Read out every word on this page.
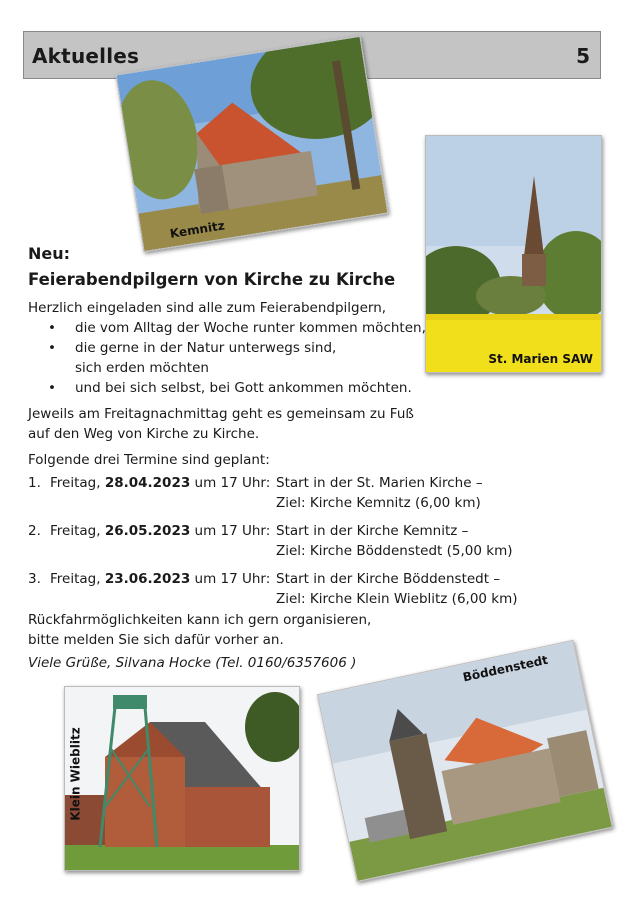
Aktuelles	5
Kemnitz
St. Marien SAW
Klein Wieblitz
Böddenstedt
Neu:
Feierabendpilgern von Kirche zu Kirche
Herzlich eingeladen sind alle zum Feierabendpilgern,
• die vom Alltag der Woche runter kommen möchten,
• die gerne in der Natur unterwegs sind,
sich erden möchten
• und bei sich selbst, bei Gott ankommen möchten.
Jeweils am Freitagnachmittag geht es gemeinsam zu Fuß
auf den Weg von Kirche zu Kirche.
Folgende drei Termine sind geplant:
1. Freitag, 28.04.2023 um 17 Uhr: Start in der St. Marien Kirche –
Ziel: Kirche Kemnitz (6,00 km)
2. Freitag, 26.05.2023 um 17 Uhr: Start in der Kirche Kemnitz –
Ziel: Kirche Böddenstedt (5,00 km)
3. Freitag, 23.06.2023 um 17 Uhr: Start in der Kirche Böddenstedt –
Ziel: Kirche Klein Wieblitz (6,00 km)
Rückfahrmöglichkeiten kann ich gern organisieren,
bitte melden Sie sich dafür vorher an.
Viele Grüße, Silvana Hocke (Tel. 0160/6357606 )
